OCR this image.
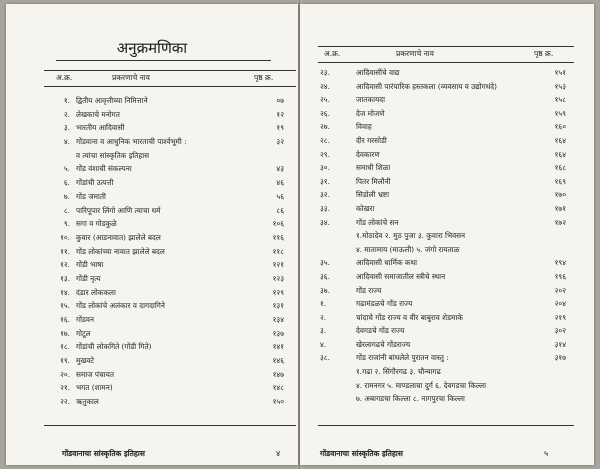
अनुक्रमणिका
अ.क्र.	प्रकरणाचे नाव	पृष्ठ क्र.
१. द्वितीय आवृत्तीच्या निमित्ताने	०७
२. लेखकाचे मनोगत	१२
३. भारतीय आदिवासी	१९
४. गोंडवाना व आधुनिक भारताची पार्श्वभूमी :	३२
व त्यांचा सांस्कृतिक इतिहास
५. गोंड वंशाची संकल्पना	४३
६. गोंडांची उत्पत्ती	४६
७. गोंड जमाती	५६
८. पारिपूपार लिंगो आणि त्याचा धर्म	८६
९. सगा व गोडकुळे	१०६
१०. कुवार (आडनावात) झालेले बदल	११६
११. गोंड लोकांच्या नावात झालेले बदल	११८
१२. गोंडी भाषा	१२१
१३. गोंडी नृत्य	१२३
१४. दंडार लोककला	१२९
१५. गोंड लोकांचे अलंकार व दागदागिने	१३१
१६. गोंडवन	१३४
१७. गोटूल	१३७
१८. गोंडांची लोकगिते (गोंडी गिते)	१४१
१९. मुखवटे	१४६
२०. समाज पंचायत	१४७
२१. भगत (शामन)	१४८
२२. ऋतुकाल	१५०
गोंडवानाचा सांस्कृतिक इतिहास	४
अ.क्र.	प्रकरणाचे नाव	पृष्ठ क्र.
२३.	आदिवासींचे वाद्य	१५१
२४.	आदिवासी पारंपारिक हस्तकला (व्यवसाय व उद्योगधंदे)	१५३
२५.	जातकायदा	१५८
२६.	देज मोजणे	१५९
२७.	विवाह	१६०
२८.	दीर गरसोडी	१६४
२९.	देवकारण	१६४
३०.	समाधी शिळा	१६८
३१.	पितर मिलौनी	१६९
३२.	सिडोली भ्रष्टा	१७०
३३.	कोखरा	१७१
३४.	गोंड लोकांचे सन	१७२
१.मोठादेव २. मुठ पुजा ३. कुवारा भिवसन
४. मातामाय (माऊली) ५. जंगो रायताळ
३५.	आदिवासी धार्मिक कथा	१९४
३६.	आदिवासी समाजातील स्त्रीचे स्थान	१९६
३७.	गोंड राज्य	२०२
१.	गढामंडळचे गोंड राज्य	२०४
२.	चांदाचे गोंड राज्य व वीर बाबुराव शेडमाके	२१९
३.	देवगडचे गोंड राज्य	३०२
४.	खेरलागढचे गोंडराज्य	३१४
३८.	गोंड राजांनी बांधलेले पुरातन वास्तु :	३१७
१.गढा २. सिंगौरगढ ३. चौन्यागढ
४. रामनगर ५. माण्डलाचा दुर्ग ६. देवगडचा किल्ला
७. अबागडचा किल्ला ८. नागपुरचा किल्ला
गोंडवानाचा सांस्कृतिक इतिहास	५
